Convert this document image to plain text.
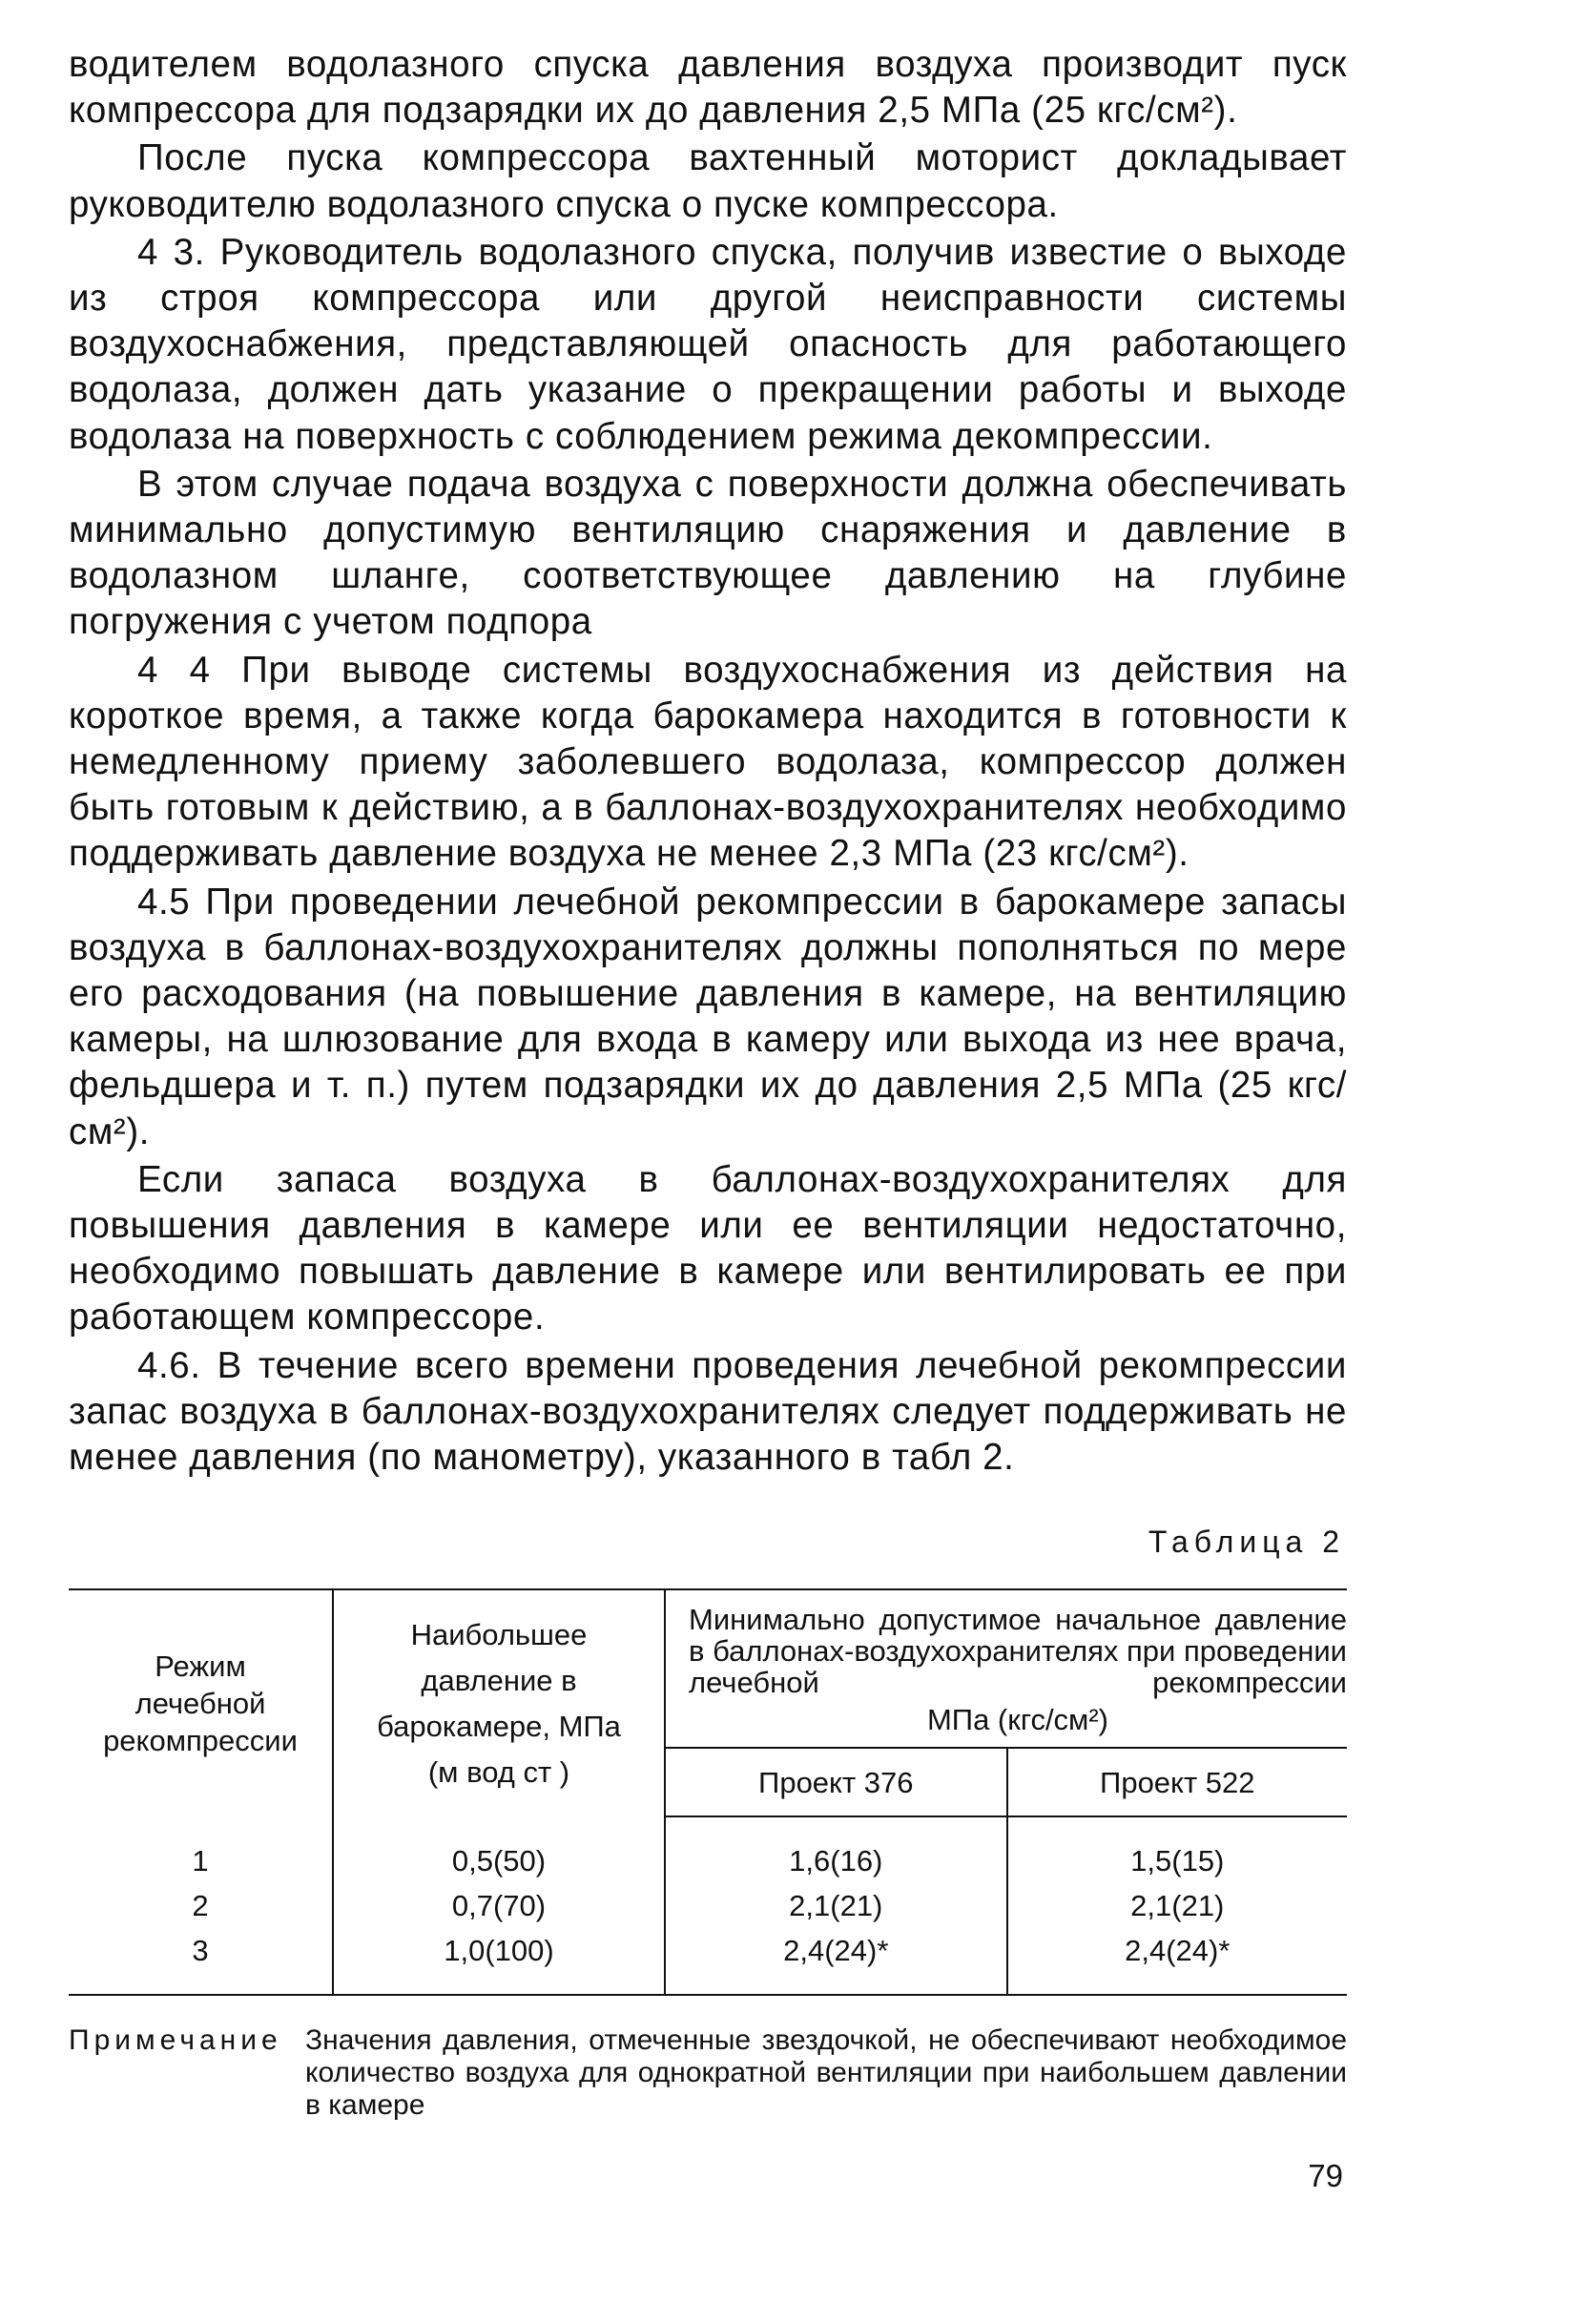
водителем водолазного спуска давления воздуха производит пуск компрессора для подзарядки их до давления 2,5 МПа (25 кгс/см²).

После пуска компрессора вахтенный моторист докладывает руководителю водолазного спуска о пуске компрессора.

4 3. Руководитель водолазного спуска, получив известие о выходе из строя компрессора или другой неисправности системы воздухоснабжения, представляющей опасность для работающего водолаза, должен дать указание о прекращении работы и выходе водолаза на поверхность с соблюдением режима декомпрессии.

В этом случае подача воздуха с поверхности должна обеспечивать минимально допустимую вентиляцию снаряжения и давление в водолазном шланге, соответствующее давлению на глубине погружения с учетом подпора

4 4 При выводе системы воздухоснабжения из действия на короткое время, а также когда барокамера находится в готовности к немедленному приему заболевшего водолаза, компрессор должен быть готовым к действию, а в баллонах-воздухохранителях необходимо поддерживать давление воздуха не менее 2,3 МПа (23 кгс/см²).

4.5 При проведении лечебной рекомпрессии в барокамере запасы воздуха в баллонах-воздухохранителях должны пополняться по мере его расходования (на повышение давления в камере, на вентиляцию камеры, на шлюзование для входа в камеру или выхода из нее врача, фельдшера и т. п.) путем подзарядки их до давления 2,5 МПа (25 кгс/см²).

Если запаса воздуха в баллонах-воздухохранителях для повышения давления в камере или ее вентиляции недостаточно, необходимо повышать давление в камере или вентилировать ее при работающем компрессоре.

4.6. В течение всего времени проведения лечебной рекомпрессии запас воздуха в баллонах-воздухохранителях следует поддерживать не менее давления (по манометру), указанного в табл 2.

Таблица 2
Режим
лечебной
рекомпрессии	Наибольшее
давление в
барокамере, МПа
(м вод ст )	Минимально допустимое начальное давление в баллонах-воздухохранителях при проведении лечебной рекомпрессии
МПа (кгс/см²)	

		Проект 376	Проект 522
1	0,5(50)	1,6(16)	1,5(15)
2	0,7(70)	2,1(21)	2,1(21)
3	1,0(100)	2,4(24)*	2,4(24)*
Примечание Значения давления, отмеченные звездочкой, не обеспечивают необходимое количество воздуха для однократной вентиляции при наибольшем давлении в камере
79
